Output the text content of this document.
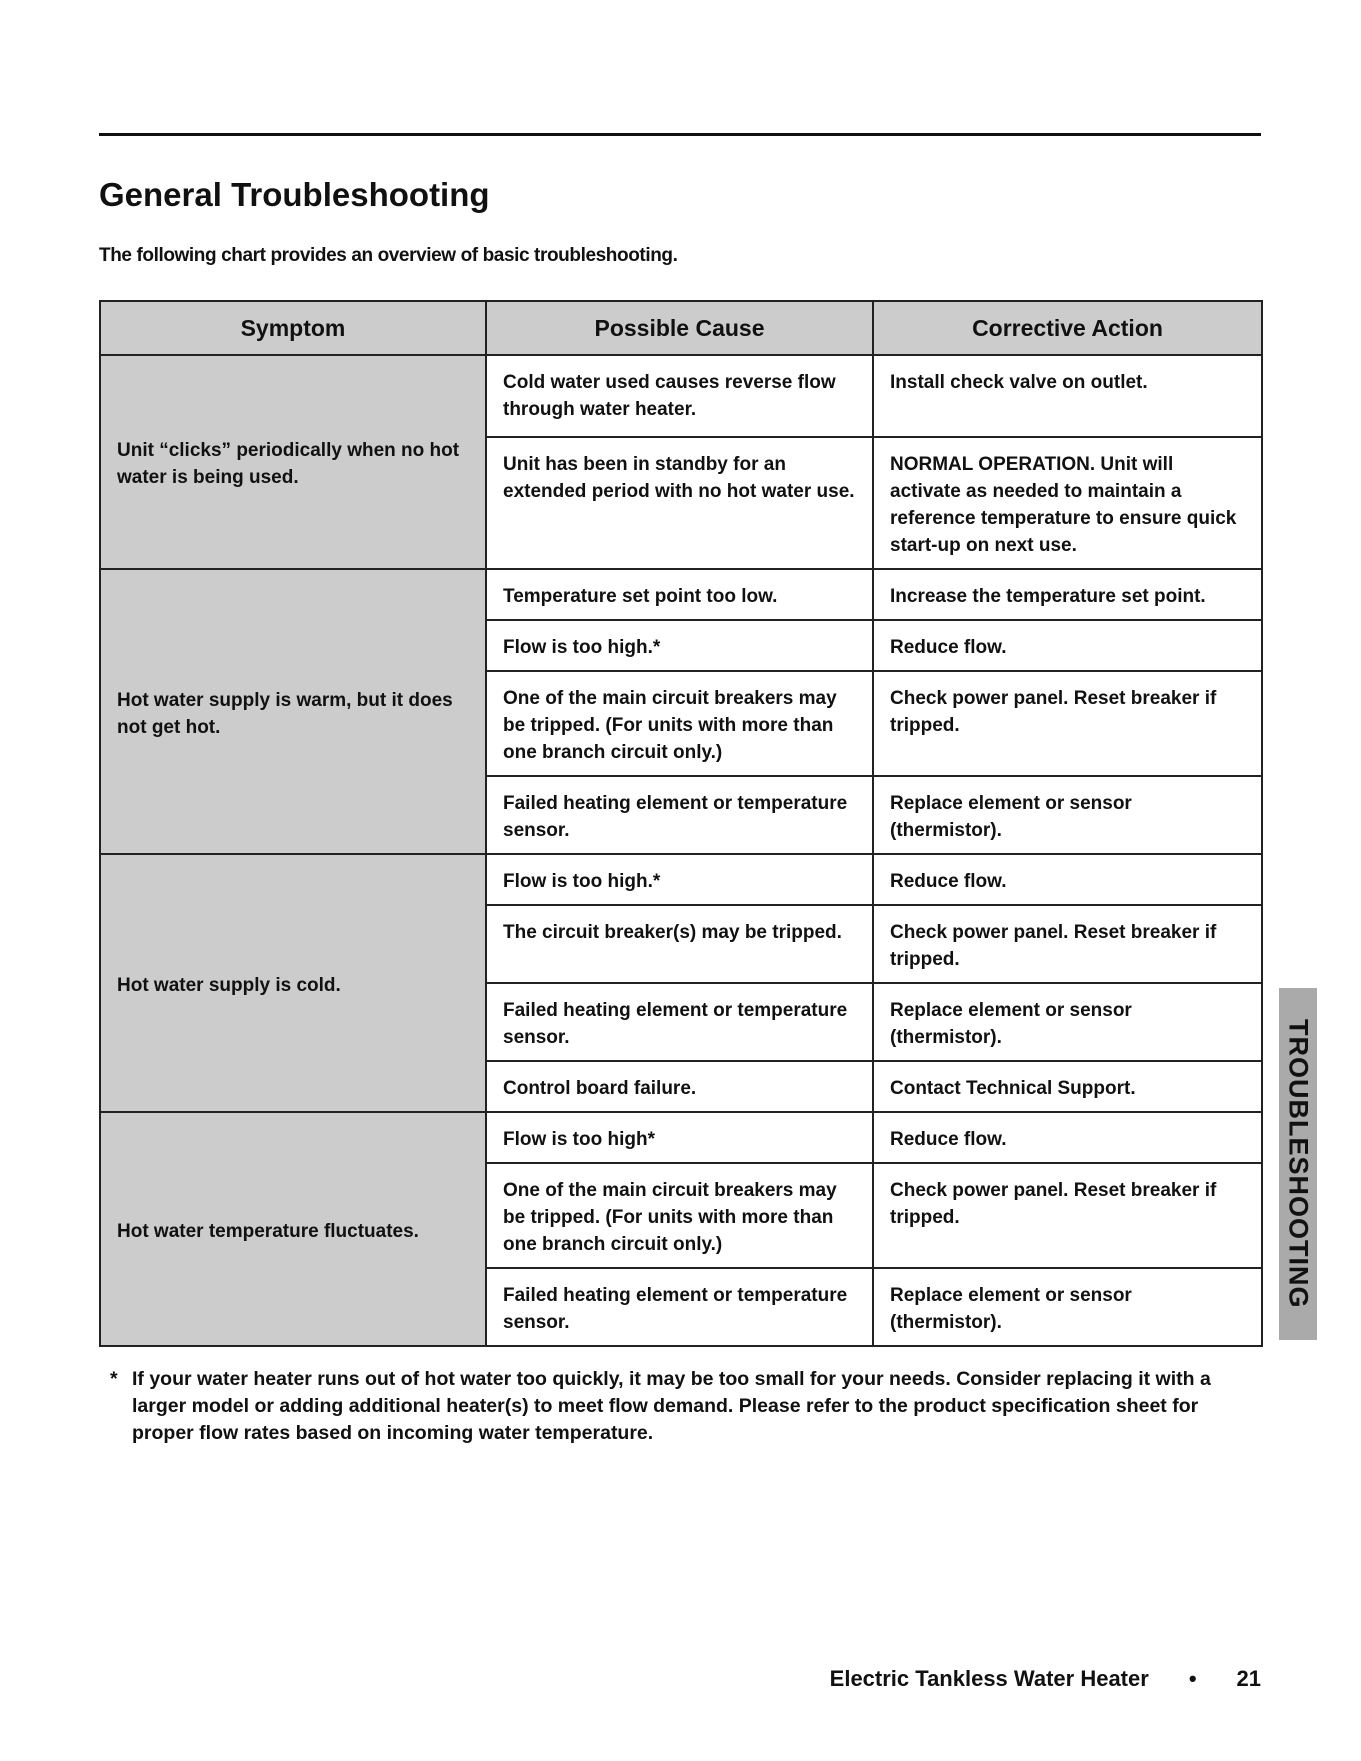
General Troubleshooting
The following chart provides an overview of basic troubleshooting.
Symptom	Possible Cause	Corrective Action
Unit “clicks” periodically when no hot water is being used.	Cold water used causes reverse flow through water heater.	Install check valve on outlet.
	Unit has been in standby for an extended period with no hot water use.	NORMAL OPERATION. Unit will activate as needed to maintain a reference temperature to ensure quick start-up on next use.
Hot water supply is warm, but it does not get hot.	Temperature set point too low.	Increase the temperature set point.
	Flow is too high.*	Reduce flow.
	One of the main circuit breakers may be tripped. (For units with more than one branch circuit only.)	Check power panel. Reset breaker if tripped.
	Failed heating element or temperature sensor.	Replace element or sensor (thermistor).
Hot water supply is cold.	Flow is too high.*	Reduce flow.
	The circuit breaker(s) may be tripped.	Check power panel. Reset breaker if tripped.
	Failed heating element or temperature sensor.	Replace element or sensor (thermistor).
	Control board failure.	Contact Technical Support.
Hot water temperature fluctuates.	Flow is too high*	Reduce flow.
	One of the main circuit breakers may be tripped. (For units with more than one branch circuit only.)	Check power panel. Reset breaker if tripped.
	Failed heating element or temperature sensor.	Replace element or sensor (thermistor).
TROUBLESHOOTING
* If your water heater runs out of hot water too quickly, it may be too small for your needs. Consider replacing it with a larger model or adding additional heater(s) to meet flow demand. Please refer to the product specification sheet for proper flow rates based on incoming water temperature.
Electric Tankless Water Heater • 21
